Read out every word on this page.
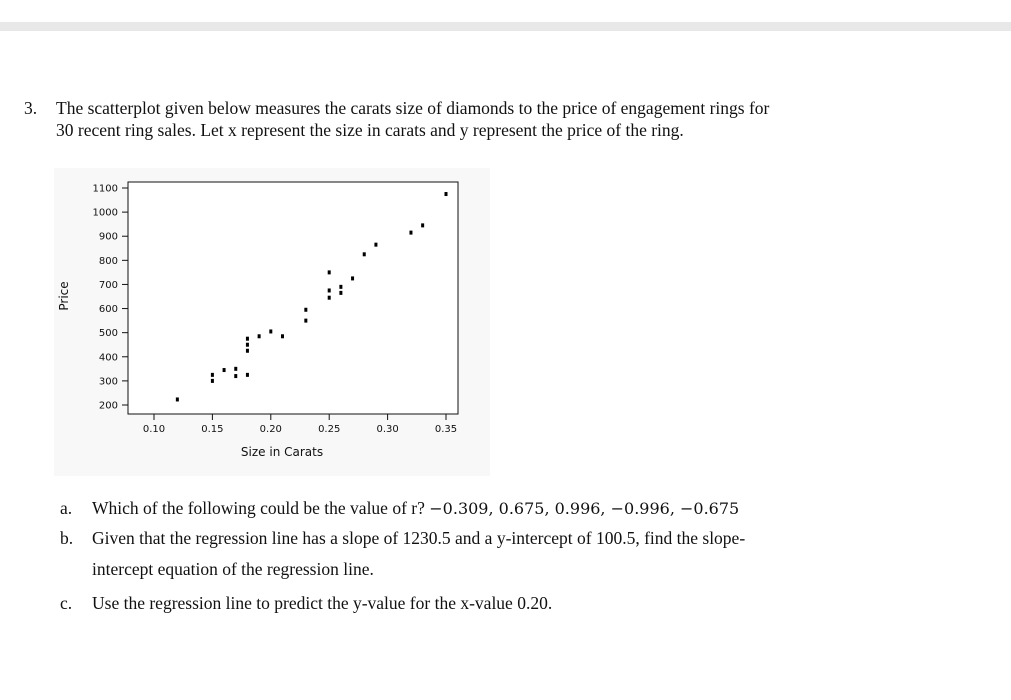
3. The scatterplot given below measures the carats size of diamonds to the price of engagement rings for
30 recent ring sales. Let x represent the size in carats and y represent the price of the ring.
200
300
400
500
600
700
800
900
1000
1100
0.10	0.15	0.20	0.25	0.30	0.35
Size in Carats
Price
a. Which of the following could be the value of r? −0.309, 0.675, 0.996, −0.996, −0.675
b. Given that the regression line has a slope of 1230.5 and a y-intercept of 100.5, find the slope-
intercept equation of the regression line.
c. Use the regression line to predict the y-value for the x-value 0.20.
